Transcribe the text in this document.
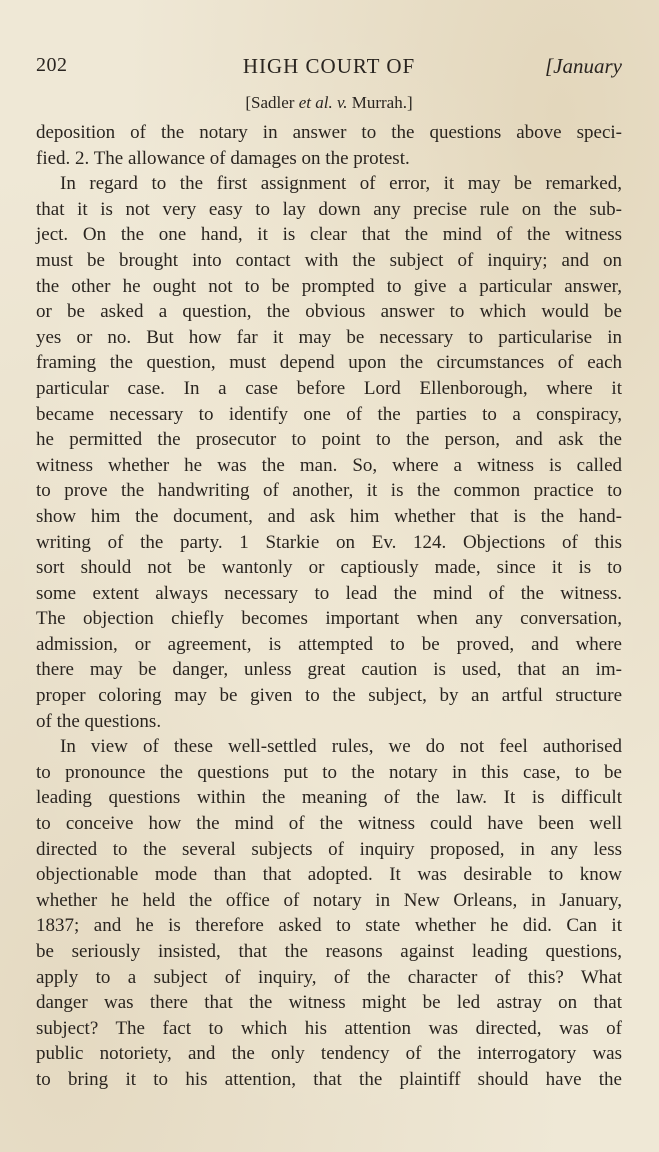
202	HIGH COURT OF	[January
[Sadler et al. v. Murrah.]
deposition of the notary in answer to the questions above speci-
fied. 2. The allowance of damages on the protest.
In regard to the first assignment of error, it may be remarked,
that it is not very easy to lay down any precise rule on the sub-
ject. On the one hand, it is clear that the mind of the witness
must be brought into contact with the subject of inquiry; and on
the other he ought not to be prompted to give a particular answer,
or be asked a question, the obvious answer to which would be
yes or no. But how far it may be necessary to particularise in
framing the question, must depend upon the circumstances of each
particular case. In a case before Lord Ellenborough, where it
became necessary to identify one of the parties to a conspiracy,
he permitted the prosecutor to point to the person, and ask the
witness whether he was the man. So, where a witness is called
to prove the handwriting of another, it is the common practice to
show him the document, and ask him whether that is the hand-
writing of the party. 1 Starkie on Ev. 124. Objections of this
sort should not be wantonly or captiously made, since it is to
some extent always necessary to lead the mind of the witness.
The objection chiefly becomes important when any conversation,
admission, or agreement, is attempted to be proved, and where
there may be danger, unless great caution is used, that an im-
proper coloring may be given to the subject, by an artful structure
of the questions.
In view of these well-settled rules, we do not feel authorised
to pronounce the questions put to the notary in this case, to be
leading questions within the meaning of the law. It is difficult
to conceive how the mind of the witness could have been well
directed to the several subjects of inquiry proposed, in any less
objectionable mode than that adopted. It was desirable to know
whether he held the office of notary in New Orleans, in January,
1837; and he is therefore asked to state whether he did. Can it
be seriously insisted, that the reasons against leading questions,
apply to a subject of inquiry, of the character of this? What
danger was there that the witness might be led astray on that
subject? The fact to which his attention was directed, was of
public notoriety, and the only tendency of the interrogatory was
to bring it to his attention, that the plaintiff should have the
